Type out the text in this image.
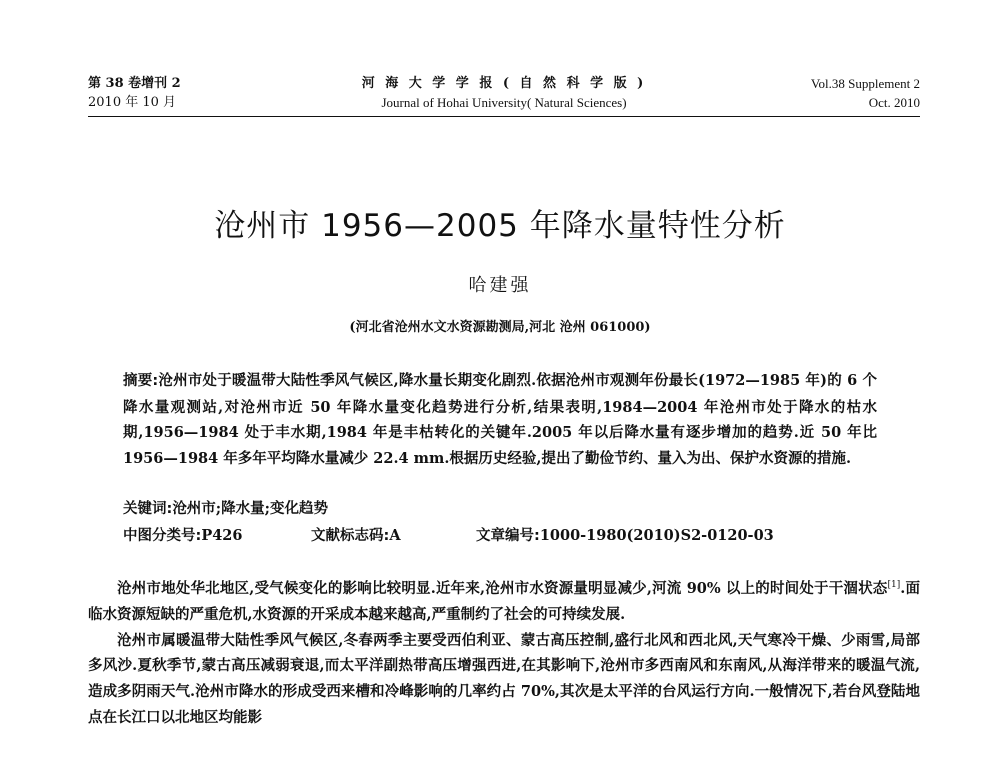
第 38 卷增刊 2
2010 年 10 月
河 海 大 学 学 报 ( 自 然 科 学 版 )
Journal of Hohai University( Natural Sciences)
Vol.38 Supplement 2
Oct. 2010
沧州市 1956—2005 年降水量特性分析
哈建强
(河北省沧州水文水资源勘测局,河北 沧州 061000)
摘要:沧州市处于暖温带大陆性季风气候区,降水量长期变化剧烈.依据沧州市观测年份最长(1972—1985 年)的 6 个降水量观测站,对沧州市近 50 年降水量变化趋势进行分析,结果表明,1984—2004 年沧州市处于降水的枯水期,1956—1984 处于丰水期,1984 年是丰枯转化的关键年.2005 年以后降水量有逐步增加的趋势.近 50 年比 1956—1984 年多年平均降水量减少 22.4 mm.根据历史经验,提出了勤俭节约、量入为出、保护水资源的措施.
关键词:沧州市;降水量;变化趋势
中图分类号:P426	文献标志码:A	文章编号:1000-1980(2010)S2-0120-03

沧州市地处华北地区,受气候变化的影响比较明显.近年来,沧州市水资源量明显减少,河流 90% 以上的时间处于干涸状态[1].面临水资源短缺的严重危机,水资源的开采成本越来越高,严重制约了社会的可持续发展.

沧州市属暖温带大陆性季风气候区,冬春两季主要受西伯利亚、蒙古高压控制,盛行北风和西北风,天气寒冷干燥、少雨雪,局部多风沙.夏秋季节,蒙古高压减弱衰退,而太平洋副热带高压增强西进,在其影响下,沧州市多西南风和东南风,从海洋带来的暖温气流,造成多阴雨天气.沧州市降水的形成受西来槽和冷峰影响的几率约占 70%,其次是太平洋的台风运行方向.一般情况下,若台风登陆地点在长江口以北地区均能影
